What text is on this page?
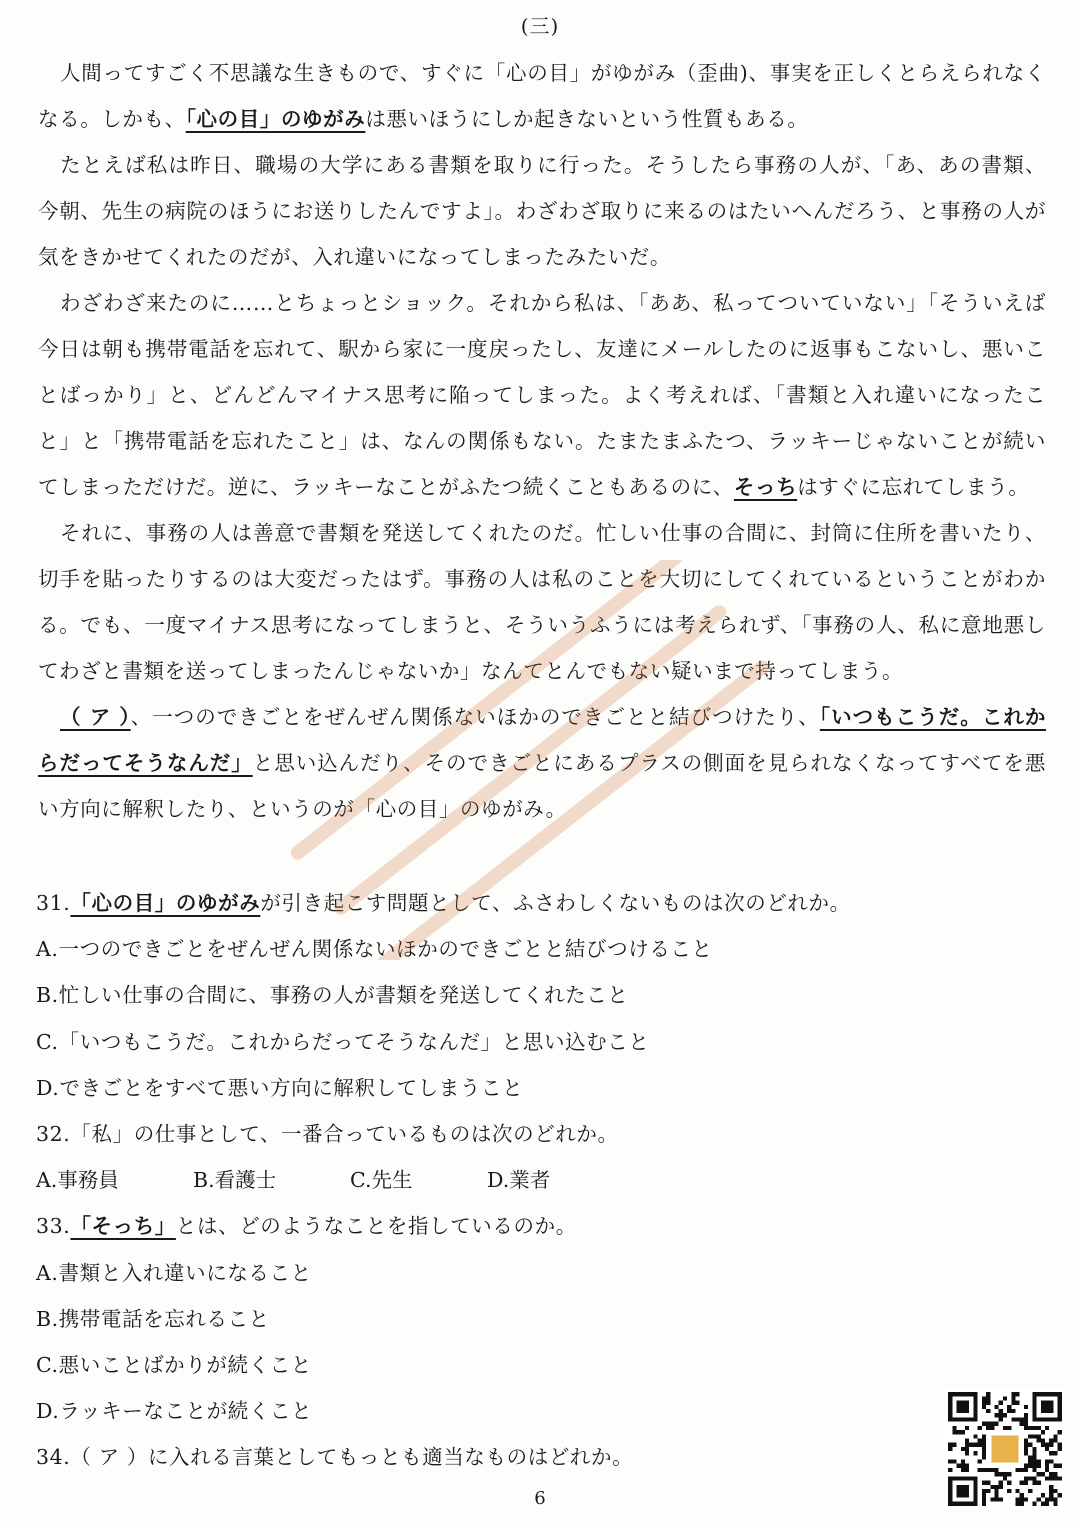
(三)

人間ってすごく不思議な生きもので、すぐに「心の目」がゆがみ（歪曲)、事実を正しくとらえられなくなる。しかも、「心の目」のゆがみは悪いほうにしか起きないという性質もある。

たとえば私は昨日、職場の大学にある書類を取りに行った。そうしたら事務の人が、「あ、あの書類、 今朝、先生の病院のほうにお送りしたんですよ」。わざわざ取りに来るのはたいへんだろう、と事務の人が気をきかせてくれたのだが、入れ違いになってしまったみたいだ。

わざわざ来たのに……とちょっとショック。それから私は、「ああ、私ってついていない」「そういえば今日は朝も携帯電話を忘れて、駅から家に一度戻ったし、友達にメールしたのに返事もこないし、悪いことばっかり」と、どんどんマイナス思考に陥ってしまった。よく考えれば、「書類と入れ違いになったこと」と「携帯電話を忘れたこと」は、なんの関係もない。たまたまふたつ、ラッキーじゃないことが続いてしまっただけだ。逆に、ラッキーなことがふたつ続くこともあるのに、そっちはすぐに忘れてしまう。

それに、事務の人は善意で書類を発送してくれたのだ。忙しい仕事の合間に、封筒に住所を書いたり、切手を貼ったりするのは大変だったはず。事務の人は私のことを大切にしてくれているということがわかる。でも、一度マイナス思考になってしまうと、そういうふうには考えられず、「事務の人、私に意地悪してわざと書類を送ってしまったんじゃないか」なんてとんでもない疑いまで持ってしまう。

（ ア ）、一つのできごとをぜんぜん関係ないほかのできごとと結びつけたり、「いつもこうだ。これからだってそうなんだ」と思い込んだり、そのできごとにあるプラスの側面を見られなくなってすべてを悪い方向に解釈したり、というのが「心の目」のゆがみ。

31.「心の目」のゆがみが引き起こす問題として、ふさわしくないものは次のどれか。
A.一つのできごとをぜんぜん関係ないほかのできごとと結びつけること
B.忙しい仕事の合間に、事務の人が書類を発送してくれたこと
C.「いつもこうだ。これからだってそうなんだ」と思い込むこと
D.できごとをすべて悪い方向に解釈してしまうこと
32.「私」の仕事として、一番合っているものは次のどれか。
A.事務員	B.看護士	C.先生	D.業者
33.「そっち」とは、どのようなことを指しているのか。
A.書類と入れ違いになること
B.携帯電話を忘れること
C.悪いことばかりが続くこと
D.ラッキーなことが続くこと
34.（ ア ）に入れる言葉としてもっとも適当なものはどれか。
6
